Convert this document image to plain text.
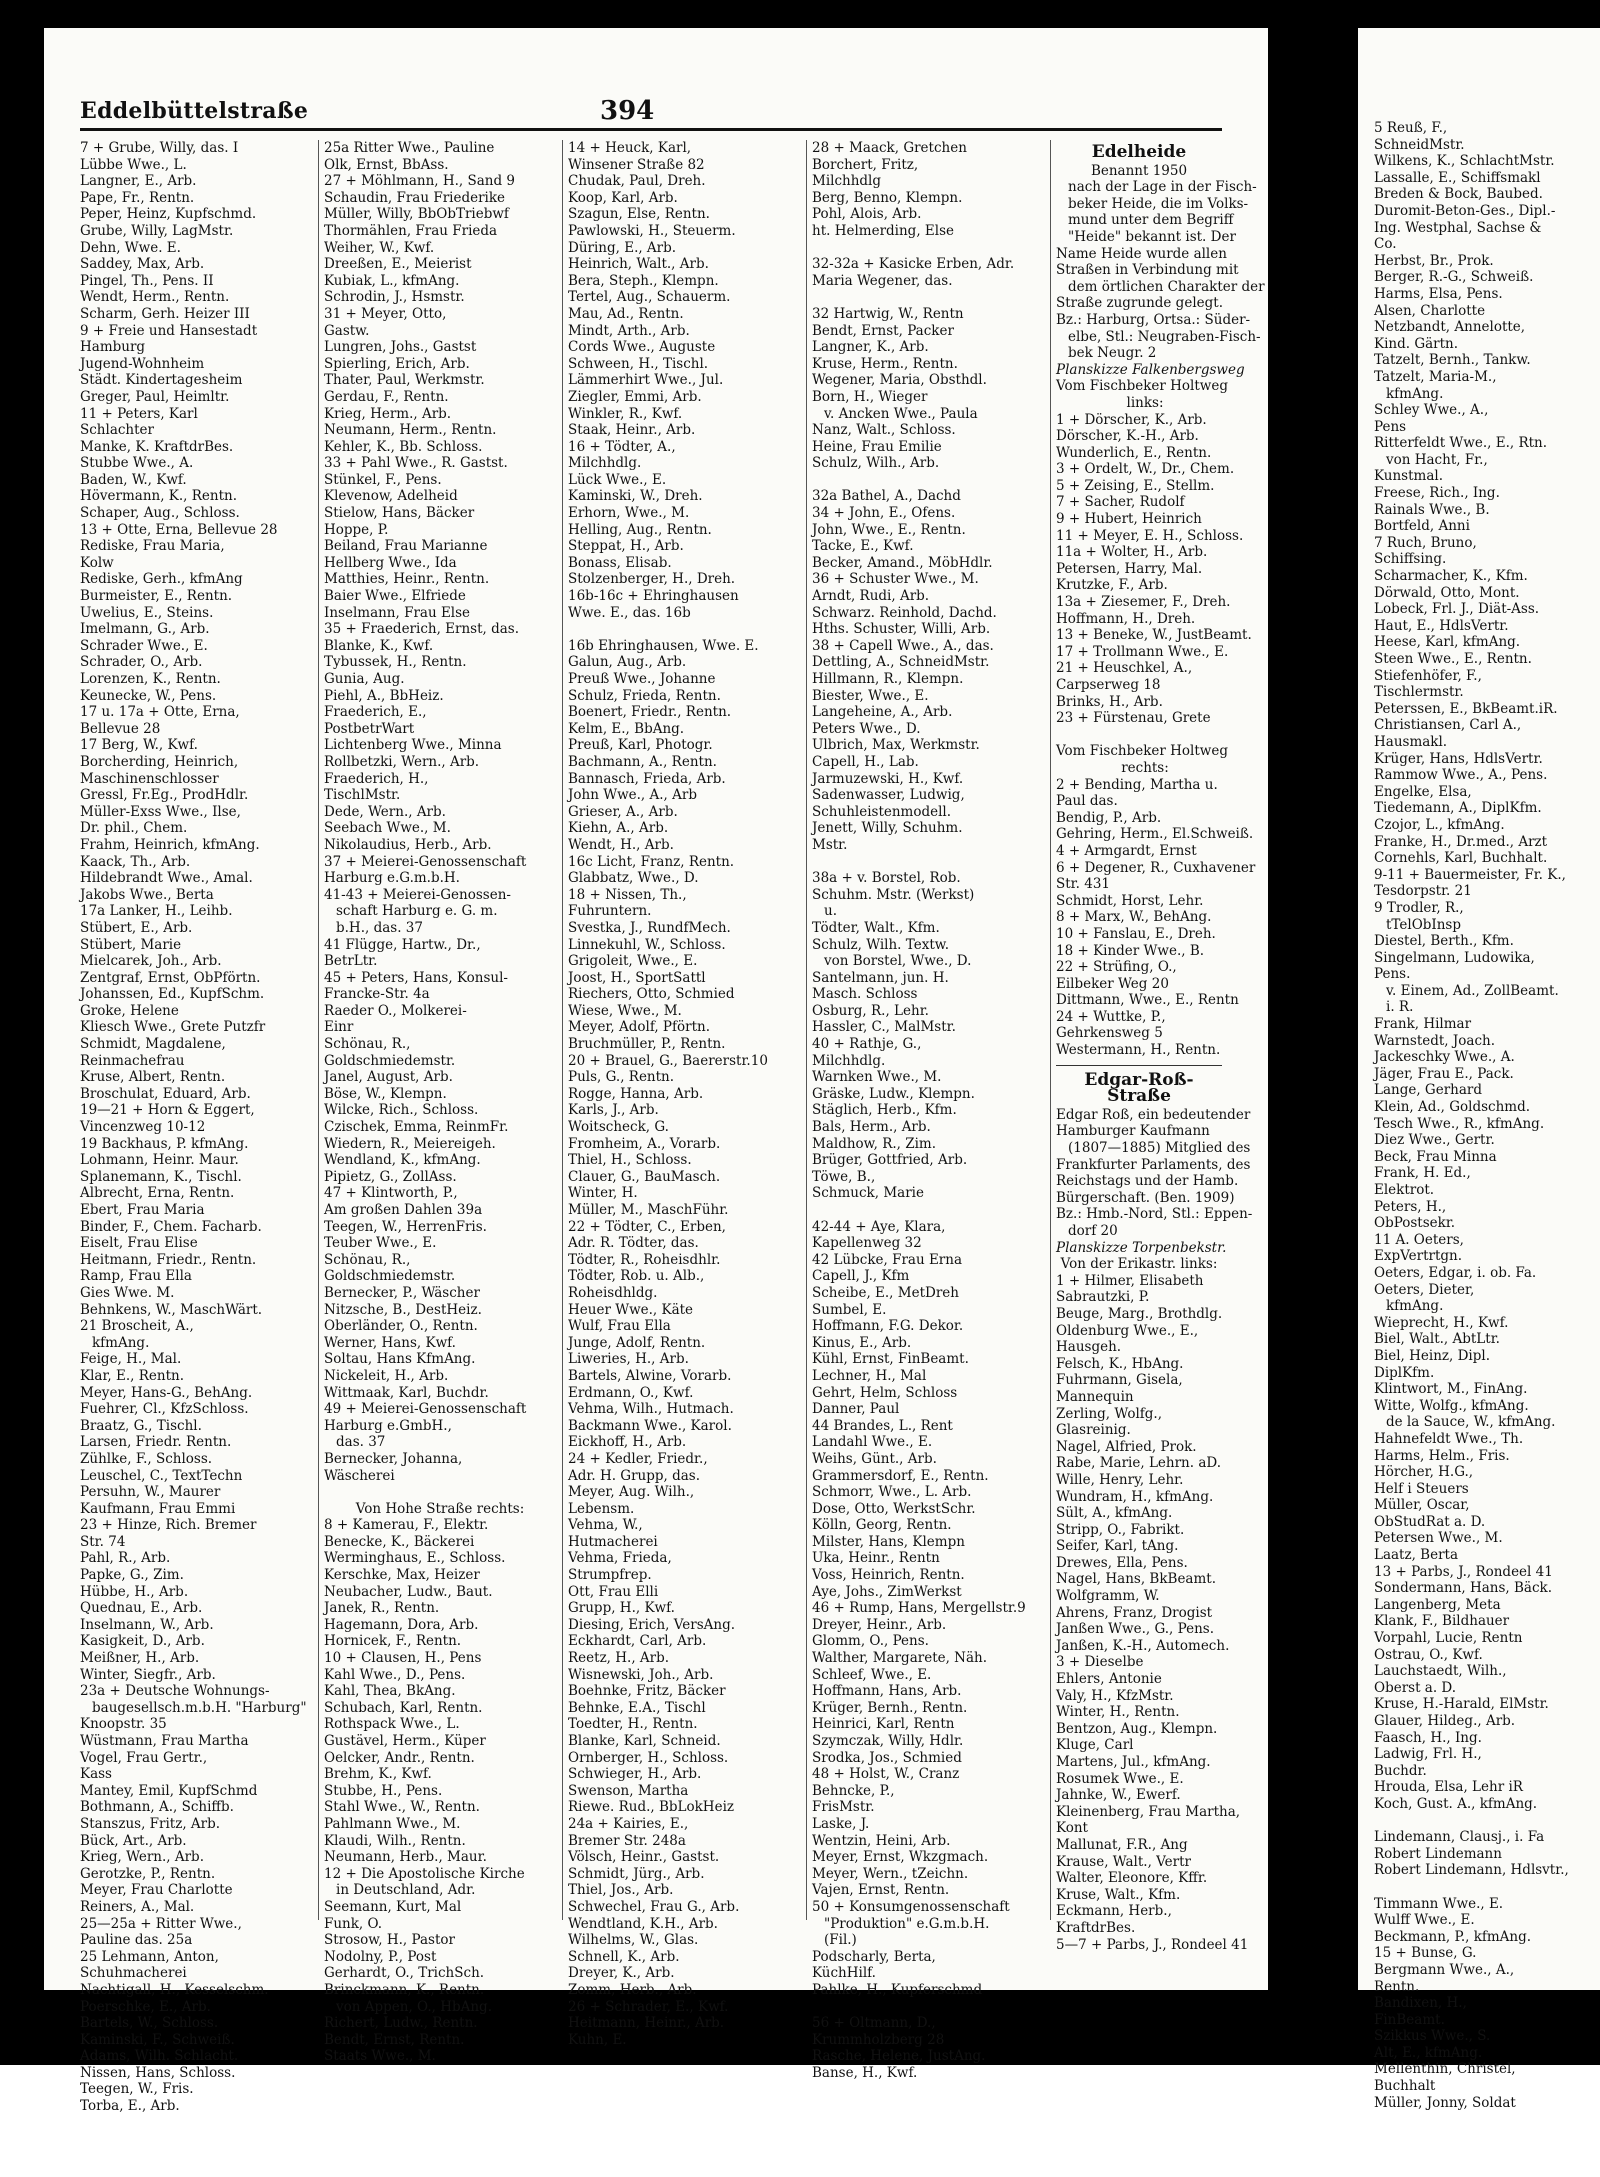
Eddelbüttelstraße	394
7 + Grube, Willy, das. I
Lübbe Wwe., L.
Langner, E., Arb.
Pape, Fr., Rentn.
Peper, Heinz, Kupfschmd.
Grube, Willy, LagMstr.
Dehn, Wwe. E.
Saddey, Max, Arb.
Pingel, Th., Pens. II
Wendt, Herm., Rentn.
Scharm, Gerh. Heizer III
9 + Freie und Hansestadt
Hamburg
Jugend-Wohnheim
Städt. Kindertagesheim
Greger, Paul, Heimltr.
11 + Peters, Karl
Schlachter
Manke, K. KraftdrBes.
Stubbe Wwe., A.
Baden, W., Kwf.
Hövermann, K., Rentn.
Schaper, Aug., Schloss.
13 + Otte, Erna, Bellevue 28
Rediske, Frau Maria,
Kolw
Rediske, Gerh., kfmAng
Burmeister, E., Rentn.
Uwelius, E., Steins.
Imelmann, G., Arb.
Schrader Wwe., E.
Schrader, O., Arb.
Lorenzen, K., Rentn.
Keunecke, W., Pens.
17 u. 17a + Otte, Erna,
Bellevue 28
17 Berg, W., Kwf.
Borcherding, Heinrich,
Maschinenschlosser
Gressl, Fr.Eg., ProdHdlr.
Müller-Exss Wwe., Ilse,
Dr. phil., Chem.
Frahm, Heinrich, kfmAng.
Kaack, Th., Arb.
Hildebrandt Wwe., Amal.
Jakobs Wwe., Berta
17a Lanker, H., Leihb.
Stübert, E., Arb.
Stübert, Marie
Mielcarek, Joh., Arb.
Zentgraf, Ernst, ObPförtn.
Johanssen, Ed., KupfSchm.
Groke, Helene
Kliesch Wwe., Grete Putzfr
Schmidt, Magdalene,
Reinmachefrau
Kruse, Albert, Rentn.
Broschulat, Eduard, Arb.
19—21 + Horn & Eggert,
Vincenzweg 10-12
19 Backhaus, P. kfmAng.
Lohmann, Heinr. Maur.
Splanemann, K., Tischl.
Albrecht, Erna, Rentn.
Ebert, Frau Maria
Binder, F., Chem. Facharb.
Eiselt, Frau Elise
Heitmann, Friedr., Rentn.
Ramp, Frau Ella
Gies Wwe. M.
Behnkens, W., MaschWärt.
21 Broscheit, A.,
kfmAng.
Feige, H., Mal.
Klar, E., Rentn.
Meyer, Hans-G., BehAng.
Fuehrer, Cl., KfzSchloss.
Braatz, G., Tischl.
Larsen, Friedr. Rentn.
Zühlke, F., Schloss.
Leuschel, C., TextTechn
Persuhn, W., Maurer
Kaufmann, Frau Emmi
23 + Hinze, Rich. Bremer
Str. 74
Pahl, R., Arb.
Papke, G., Zim.
Hübbe, H., Arb.
Quednau, E., Arb.
Inselmann, W., Arb.
Kasigkeit, D., Arb.
Meißner, H., Arb.
Winter, Siegfr., Arb.
23a + Deutsche Wohnungs-
baugesellsch.m.b.H. "Harburg"
Knoopstr. 35
Wüstmann, Frau Martha
Vogel, Frau Gertr.,
Kass
Mantey, Emil, KupfSchmd
Bothmann, A., Schiffb.
Stanszus, Fritz, Arb.
Bück, Art., Arb.
Krieg, Wern., Arb.
Gerotzke, P., Rentn.
Meyer, Frau Charlotte
Reiners, A., Mal.
25—25a + Ritter Wwe.,
Pauline das. 25a
25 Lehmann, Anton,
Schuhmacherei
Nachtigall, H., Kesselschm.
Poerschke, E., Arb.
Bartels, W., Schloss.
Kaminski, F., Schweiß.
Adams, Wilh. Schlacht.
Nissen, Hans, Schloss.
Teegen, W., Fris.
Torba, E., Arb.
25a Ritter Wwe., Pauline
Olk, Ernst, BbAss.
27 + Möhlmann, H., Sand 9
Schaudin, Frau Friederike
Müller, Willy, BbObTriebwf
Thormählen, Frau Frieda
Weiher, W., Kwf.
Dreeßen, E., Meierist
Kubiak, L., kfmAng.
Schrodin, J., Hsmstr.
31 + Meyer, Otto,
Gastw.
Lungren, Johs., Gastst
Spierling, Erich, Arb.
Thater, Paul, Werkmstr.
Gerdau, F., Rentn.
Krieg, Herm., Arb.
Neumann, Herm., Rentn.
Kehler, K., Bb. Schloss.
33 + Pahl Wwe., R. Gastst.
Stünkel, F., Pens.
Klevenow, Adelheid
Stielow, Hans, Bäcker
Hoppe, P.
Beiland, Frau Marianne
Hellberg Wwe., Ida
Matthies, Heinr., Rentn.
Baier Wwe., Elfriede
Inselmann, Frau Else
35 + Fraederich, Ernst, das.
Blanke, K., Kwf.
Tybussek, H., Rentn.
Gunia, Aug.
Piehl, A., BbHeiz.
Fraederich, E.,
PostbetrWart
Lichtenberg Wwe., Minna
Rollbetzki, Wern., Arb.
Fraederich, H.,
TischlMstr.
Dede, Wern., Arb.
Seebach Wwe., M.
Nikolaudius, Herb., Arb.
37 + Meierei-Genossenschaft
Harburg e.G.m.b.H.
41-43 + Meierei-Genossen-
schaft Harburg e. G. m.
b.H., das. 37
41 Flügge, Hartw., Dr.,
BetrLtr.
45 + Peters, Hans, Konsul-
Francke-Str. 4a
Raeder O., Molkerei-
Einr
Schönau, R.,
Goldschmiedemstr.
Janel, August, Arb.
Böse, W., Klempn.
Wilcke, Rich., Schloss.
Czischek, Emma, ReinmFr.
Wiedern, R., Meiereigeh.
Wendland, K., kfmAng.
Pipietz, G., ZollAss.
47 + Klintworth, P.,
Am großen Dahlen 39a
Teegen, W., HerrenFris.
Teuber Wwe., E.
Schönau, R.,
Goldschmiedemstr.
Bernecker, P., Wäscher
Nitzsche, B., DestHeiz.
Oberländer, O., Rentn.
Werner, Hans, Kwf.
Soltau, Hans KfmAng.
Nickeleit, H., Arb.
Wittmaak, Karl, Buchdr.
49 + Meierei-Genossenschaft
Harburg e.GmbH.,
das. 37
Bernecker, Johanna,
Wäscherei

Von Hohe Straße rechts:
8 + Kamerau, F., Elektr.
Benecke, K., Bäckerei
Werminghaus, E., Schloss.
Kerschke, Max, Heizer
Neubacher, Ludw., Baut.
Janek, R., Rentn.
Hagemann, Dora, Arb.
Hornicek, F., Rentn.
10 + Clausen, H., Pens
Kahl Wwe., D., Pens.
Kahl, Thea, BkAng.
Schubach, Karl, Rentn.
Rothspack Wwe., L.
Gustävel, Herm., Küper
Oelcker, Andr., Rentn.
Brehm, K., Kwf.
Stubbe, H., Pens.
Stahl Wwe., W., Rentn.
Pahlmann Wwe., M.
Klaudi, Wilh., Rentn.
Neumann, Herb., Maur.
12 + Die Apostolische Kirche
in Deutschland, Adr.
Seemann, Kurt, Mal
Funk, O.
Strosow, H., Pastor
Nodolny, P., Post
Gerhardt, O., TrichSch.
Brinckmann, K., Rentn.
von Appen, O., HbAng.
Richert, Ludw., Rentn.
Bendt, Ernst, Rentn.
Staats Wwe., M.
14 + Heuck, Karl,
Winsener Straße 82
Chudak, Paul, Dreh.
Koop, Karl, Arb.
Szagun, Else, Rentn.
Pawlowski, H., Steuerm.
Düring, E., Arb.
Heinrich, Walt., Arb.
Bera, Steph., Klempn.
Tertel, Aug., Schauerm.
Mau, Ad., Rentn.
Mindt, Arth., Arb.
Cords Wwe., Auguste
Schween, H., Tischl.
Lämmerhirt Wwe., Jul.
Ziegler, Emmi, Arb.
Winkler, R., Kwf.
Staak, Heinr., Arb.
16 + Tödter, A.,
Milchhdlg.
Lück Wwe., E.
Kaminski, W., Dreh.
Erhorn, Wwe., M.
Helling, Aug., Rentn.
Steppat, H., Arb.
Bonass, Elisab.
Stolzenberger, H., Dreh.
16b-16c + Ehringhausen
Wwe. E., das. 16b

16b Ehringhausen, Wwe. E.
Galun, Aug., Arb.
Preuß Wwe., Johanne
Schulz, Frieda, Rentn.
Boenert, Friedr., Rentn.
Kelm, E., BbAng.
Preuß, Karl, Photogr.
Bachmann, A., Rentn.
Bannasch, Frieda, Arb.
John Wwe., A., Arb
Grieser, A., Arb.
Kiehn, A., Arb.
Wendt, H., Arb.
16c Licht, Franz, Rentn.
Glabbatz, Wwe., D.
18 + Nissen, Th.,
Fuhruntern.
Svestka, J., RundfMech.
Linnekuhl, W., Schloss.
Grigoleit, Wwe., E.
Joost, H., SportSattl
Riechers, Otto, Schmied
Wiese, Wwe., M.
Meyer, Adolf, Pförtn.
Bruchmüller, P., Rentn.
20 + Brauel, G., Baererstr.10
Puls, G., Rentn.
Rogge, Hanna, Arb.
Karls, J., Arb.
Woitscheck, G.
Fromheim, A., Vorarb.
Thiel, H., Schloss.
Clauer, G., BauMasch.
Winter, H.
Müller, M., MaschFühr.
22 + Tödter, C., Erben,
Adr. R. Tödter, das.
Tödter, R., Roheisdhlr.
Tödter, Rob. u. Alb.,
Roheisdhldg.
Heuer Wwe., Käte
Wulf, Frau Ella
Junge, Adolf, Rentn.
Liweries, H., Arb.
Bartels, Alwine, Vorarb.
Erdmann, O., Kwf.
Vehma, Wilh., Hutmach.
Backmann Wwe., Karol.
Eickhoff, H., Arb.
24 + Kedler, Friedr.,
Adr. H. Grupp, das.
Meyer, Aug. Wilh.,
Lebensm.
Vehma, W.,
Hutmacherei
Vehma, Frieda,
Strumpfrep.
Ott, Frau Elli
Grupp, H., Kwf.
Diesing, Erich, VersAng.
Eckhardt, Carl, Arb.
Reetz, H., Arb.
Wisnewski, Joh., Arb.
Boehnke, Fritz, Bäcker
Behnke, E.A., Tischl
Toedter, H., Rentn.
Blanke, Karl, Schneid.
Ornberger, H., Schloss.
Schwieger, H., Arb.
Swenson, Martha
Riewe. Rud., BbLokHeiz
24a + Kairies, E.,
Bremer Str. 248a
Völsch, Heinr., Gastst.
Schmidt, Jürg., Arb.
Thiel, Jos., Arb.
Schwechel, Frau G., Arb.
Wendtland, K.H., Arb.
Wilhelms, W., Glas.
Schnell, K., Arb.
Dreyer, K., Arb.
Zomm, Herb., Arb.
26 + Schrader, E., Kwf.
Heitmann, Heinr., Arb.
Kuhn, E.
28 + Maack, Gretchen
Borchert, Fritz,
Milchhdlg
Berg, Benno, Klempn.
Pohl, Alois, Arb.
ht. Helmerding, Else

32-32a + Kasicke Erben, Adr.
Maria Wegener, das.

32 Hartwig, W., Rentn
Bendt, Ernst, Packer
Langner, K., Arb.
Kruse, Herm., Rentn.
Wegener, Maria, Obsthdl.
Born, H., Wieger
v. Ancken Wwe., Paula
Nanz, Walt., Schloss.
Heine, Frau Emilie
Schulz, Wilh., Arb.

32a Bathel, A., Dachd
34 + John, E., Ofens.
John, Wwe., E., Rentn.
Tacke, E., Kwf.
Becker, Amand., MöbHdlr.
36 + Schuster Wwe., M.
Arndt, Rudi, Arb.
Schwarz. Reinhold, Dachd.
Hths. Schuster, Willi, Arb.
38 + Capell Wwe., A., das.
Dettling, A., SchneidMstr.
Hillmann, R., Klempn.
Biester, Wwe., E.
Langeheine, A., Arb.
Peters Wwe., D.
Ulbrich, Max, Werkmstr.
Capell, H., Lab.
Jarmuzewski, H., Kwf.
Sadenwasser, Ludwig,
Schuhleistenmodell.
Jenett, Willy, Schuhm.
Mstr.

38a + v. Borstel, Rob.
Schuhm. Mstr. (Werkst)
u.
Tödter, Walt., Kfm.
Schulz, Wilh. Textw.
von Borstel, Wwe., D.
Santelmann, jun. H.
Masch. Schloss
Osburg, R., Lehr.
Hassler, C., MalMstr.
40 + Rathje, G.,
Milchhdlg.
Warnken Wwe., M.
Gräske, Ludw., Klempn.
Stäglich, Herb., Kfm.
Bals, Herm., Arb.
Maldhow, R., Zim.
Brüger, Gottfried, Arb.
Töwe, B.,
Schmuck, Marie

42-44 + Aye, Klara,
Kapellenweg 32
42 Lübcke, Frau Erna
Capell, J., Kfm
Scheibe, E., MetDreh
Sumbel, E.
Hoffmann, F.G. Dekor.
Kinus, E., Arb.
Kühl, Ernst, FinBeamt.
Lechner, H., Mal
Gehrt, Helm, Schloss
Danner, Paul
44 Brandes, L., Rent
Landahl Wwe., E.
Weihs, Günt., Arb.
Grammersdorf, E., Rentn.
Schmorr, Wwe., L. Arb.
Dose, Otto, WerkstSchr.
Kölln, Georg, Rentn.
Milster, Hans, Klempn
Uka, Heinr., Rentn
Voss, Heinrich, Rentn.
Aye, Johs., ZimWerkst
46 + Rump, Hans, Mergellstr.9
Dreyer, Heinr., Arb.
Glomm, O., Pens.
Walther, Margarete, Näh.
Schleef, Wwe., E.
Hoffmann, Hans, Arb.
Krüger, Bernh., Rentn.
Heinrici, Karl, Rentn
Szymczak, Willy, Hdlr.
Srodka, Jos., Schmied
48 + Holst, W., Cranz
Behncke, P.,
FrisMstr.
Laske, J.
Wentzin, Heini, Arb.
Meyer, Ernst, Wkzgmach.
Meyer, Wern., tZeichn.
Vajen, Ernst, Rentn.
50 + Konsumgenossenschaft
"Produktion" e.G.m.b.H.
(Fil.)
Podscharly, Berta,
KüchHilf.
Pahlke, H., Kupferschmd

56 + Oltmann, D.,
Krummholzberg 28
Rasche, Helene, JustAng.
Banse, H., Kwf.
Edelheide
Benannt 1950
nach der Lage in der Fisch-
beker Heide, die im Volks-
mund unter dem Begriff
"Heide" bekannt ist. Der
Name Heide wurde allen
Straßen in Verbindung mit
dem örtlichen Charakter der
Straße zugrunde gelegt.
Bz.: Harburg, Ortsa.: Süder-
elbe, Stl.: Neugraben-Fisch-
bek Neugr. 2
Planskizze Falkenbergsweg
Vom Fischbeker Holtweg
links:
1 + Dörscher, K., Arb.
Dörscher, K.-H., Arb.
Wunderlich, E., Rentn.
3 + Ordelt, W., Dr., Chem.
5 + Zeising, E., Stellm.
7 + Sacher, Rudolf
9 + Hubert, Heinrich
11 + Meyer, E. H., Schloss.
11a + Wolter, H., Arb.
Petersen, Harry, Mal.
Krutzke, F., Arb.
13a + Ziesemer, F., Dreh.
Hoffmann, H., Dreh.
13 + Beneke, W., JustBeamt.
17 + Trollmann Wwe., E.
21 + Heuschkel, A.,
Carpserweg 18
Brinks, H., Arb.
23 + Fürstenau, Grete

Vom Fischbeker Holtweg
rechts:
2 + Bending, Martha u.
Paul das.
Bendig, P., Arb.
Gehring, Herm., El.Schweiß.
4 + Armgardt, Ernst
6 + Degener, R., Cuxhavener
Str. 431
Schmidt, Horst, Lehr.
8 + Marx, W., BehAng.
10 + Fanslau, E., Dreh.
18 + Kinder Wwe., B.
22 + Strüfing, O.,
Eilbeker Weg 20
Dittmann, Wwe., E., Rentn
24 + Wuttke, P.,
Gehrkensweg 5
Westermann, H., Rentn.
Edgar-Roß-Straße
Edgar Roß, ein bedeutender
Hamburger Kaufmann
(1807—1885) Mitglied des
Frankfurter Parlaments, des
Reichstags und der Hamb.
Bürgerschaft. (Ben. 1909)
Bz.: Hmb.-Nord, Stl.: Eppen-
dorf 20
Planskizze Torpenbekstr.
Von der Erikastr. links:
1 + Hilmer, Elisabeth
Sabrautzki, P.
Beuge, Marg., Brothdlg.
Oldenburg Wwe., E.,
Hausgeh.
Felsch, K., HbAng.
Fuhrmann, Gisela,
Mannequin
Zerling, Wolfg.,
Glasreinig.
Nagel, Alfried, Prok.
Rabe, Marie, Lehrn. aD.
Wille, Henry, Lehr.
Wundram, H., kfmAng.
Sült, A., kfmAng.
Stripp, O., Fabrikt.
Seifer, Karl, tAng.
Drewes, Ella, Pens.
Nagel, Hans, BkBeamt.
Wolfgramm, W.
Ahrens, Franz, Drogist
Janßen Wwe., G., Pens.
Janßen, K.-H., Automech.
3 + Dieselbe
Ehlers, Antonie
Valy, H., KfzMstr.
Winter, H., Rentn.
Bentzon, Aug., Klempn.
Kluge, Carl
Martens, Jul., kfmAng.
Rosumek Wwe., E.
Jahnke, W., Ewerf.
Kleinenberg, Frau Martha,
Kont
Mallunat, F.R., Ang
Krause, Walt., Vertr
Walter, Eleonore, Kffr.
Kruse, Walt., Kfm.
Eckmann, Herb.,
KraftdrBes.
5—7 + Parbs, J., Rondeel 41
5 Reuß, F.,
SchneidMstr.
Wilkens, K., SchlachtMstr.
Lassalle, E., Schiffsmakl
Breden & Bock, Baubed.
Duromit-Beton-Ges., Dipl.-
Ing. Westphal, Sachse &
Co.
Herbst, Br., Prok.
Berger, R.-G., Schweiß.
Harms, Elsa, Pens.
Alsen, Charlotte
Netzbandt, Annelotte,
Kind. Gärtn.
Tatzelt, Bernh., Tankw.
Tatzelt, Maria-M.,
kfmAng.
Schley Wwe., A.,
Pens
Ritterfeldt Wwe., E., Rtn.
von Hacht, Fr.,
Kunstmal.
Freese, Rich., Ing.
Rainals Wwe., B.
Bortfeld, Anni
7 Ruch, Bruno,
Schiffsing.
Scharmacher, K., Kfm.
Dörwald, Otto, Mont.
Lobeck, Frl. J., Diät-Ass.
Haut, E., HdlsVertr.
Heese, Karl, kfmAng.
Steen Wwe., E., Rentn.
Stiefenhöfer, F.,
Tischlermstr.
Peterssen, E., BkBeamt.iR.
Christiansen, Carl A.,
Hausmakl.
Krüger, Hans, HdlsVertr.
Rammow Wwe., A., Pens.
Engelke, Elsa,
Tiedemann, A., DiplKfm.
Czojor, L., kfmAng.
Franke, H., Dr.med., Arzt
Cornehls, Karl, Buchhalt.
9-11 + Bauermeister, Fr. K.,
Tesdorpstr. 21
9 Trodler, R.,
tTelObInsp
Diestel, Berth., Kfm.
Singelmann, Ludowika,
Pens.
v. Einem, Ad., ZollBeamt.
i. R.
Frank, Hilmar
Warnstedt, Joach.
Jackeschky Wwe., A.
Jäger, Frau E., Pack.
Lange, Gerhard
Klein, Ad., Goldschmd.
Tesch Wwe., R., kfmAng.
Diez Wwe., Gertr.
Beck, Frau Minna
Frank, H. Ed.,
Elektrot.
Peters, H.,
ObPostsekr.
11 A. Oeters,
ExpVertrtgn.
Oeters, Edgar, i. ob. Fa.
Oeters, Dieter,
kfmAng.
Wieprecht, H., Kwf.
Biel, Walt., AbtLtr.
Biel, Heinz, Dipl.
DiplKfm.
Klintwort, M., FinAng.
Witte, Wolfg., kfmAng.
de la Sauce, W., kfmAng.
Hahnefeldt Wwe., Th.
Harms, Helm., Fris.
Hörcher, H.G.,
Helf i Steuers
Müller, Oscar,
ObStudRat a. D.
Petersen Wwe., M.
Laatz, Berta
13 + Parbs, J., Rondeel 41
Sondermann, Hans, Bäck.
Langenberg, Meta
Klank, F., Bildhauer
Vorpahl, Lucie, Rentn
Ostrau, O., Kwf.
Lauchstaedt, Wilh.,
Oberst a. D.
Kruse, H.-Harald, ElMstr.
Glauer, Hildeg., Arb.
Faasch, H., Ing.
Ladwig, Frl. H.,
Buchdr.
Hrouda, Elsa, Lehr iR
Koch, Gust. A., kfmAng.

Lindemann, Clausj., i. Fa
Robert Lindemann
Robert Lindemann, Hdlsvtr.,

Timmann Wwe., E.
Wulff Wwe., E.
Beckmann, P., kfmAng.
15 + Bunse, G.
Bergmann Wwe., A.,
Rentn.
Bandixen, H.,
FinBeamt.
Szikkus Wwe., S.
Alt, E., kfmAng.
Mellenthin, Christel,
Buchhalt
Müller, Jonny, Soldat
